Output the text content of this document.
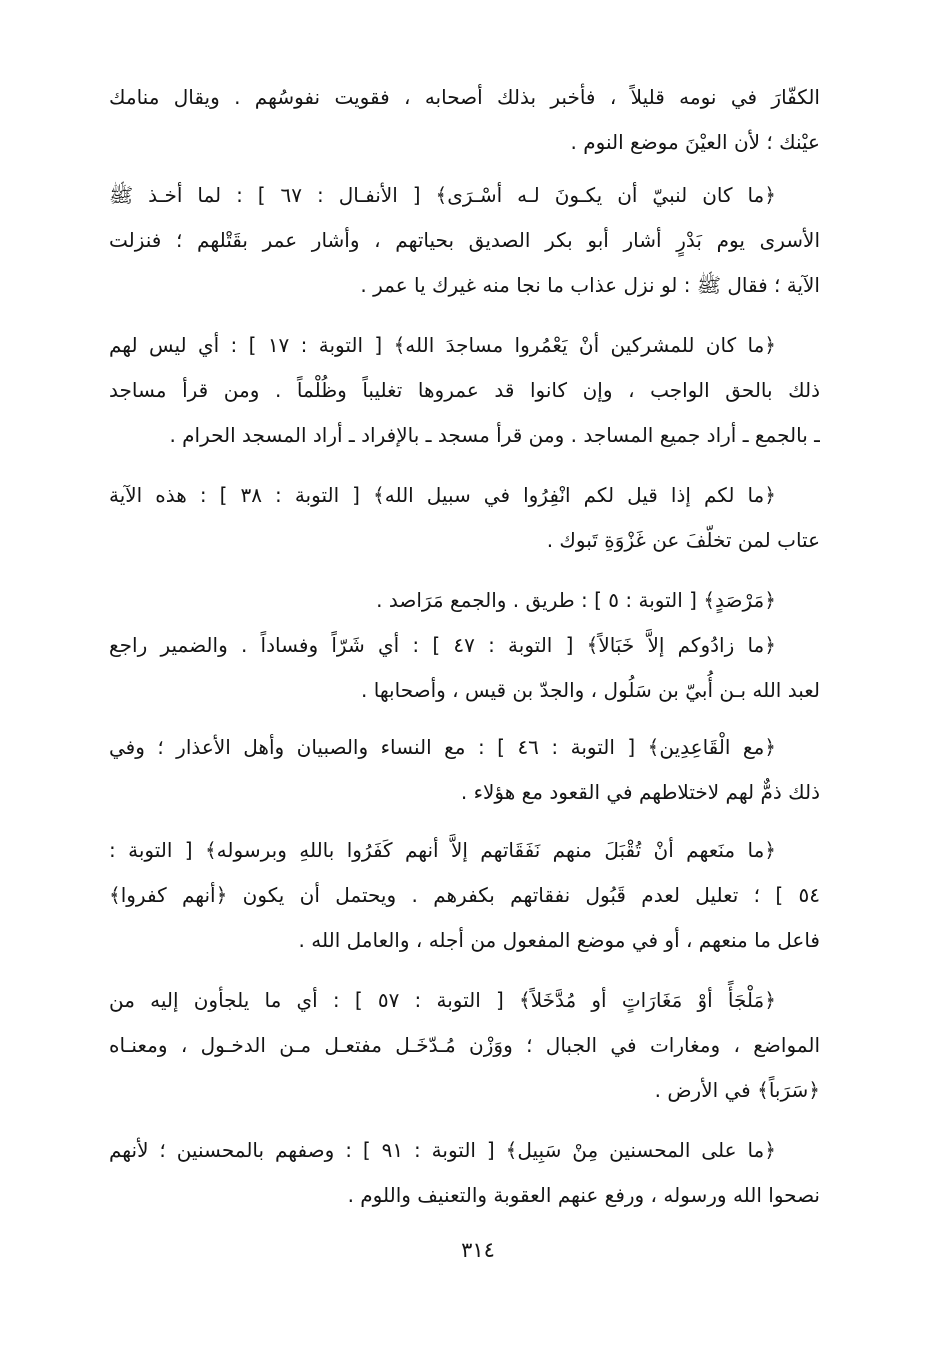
الكفّارَ في نومه قليلاً ، فأخبر بذلك أصحابه ، فقويت نفوسُهم . ويقال منامك
عيْنك ؛ لأن العيْنَ موضع النوم .
﴿ما كان لنبيّ أن يكـونَ لـه أسْـرَى﴾ [ الأنفـال : ٦٧ ] : لما أخـذ ﷺ
الأسرى يوم بَدْرٍ أشار أبو بكر الصديق بحياتهم ، وأشار عمر بقَتْلهم ؛ فنزلت
الآية ؛ فقال ﷺ : لو نزل عذاب ما نجا منه غيرك يا عمر .
﴿ما كان للمشركين أنْ يَعْمُروا مساجدَ الله﴾ [ التوبة : ١٧ ] : أي ليس لهم
ذلك بالحق الواجب ، وإن كانوا قد عمروها تغليباً وظُلْماً . ومن قرأ مساجد
ـ بالجمع ـ أراد جميع المساجد . ومن قرأ مسجد ـ بالإفراد ـ أراد المسجد الحرام .
﴿ما لكم إذا قيل لكم انْفِرُوا في سبيل الله﴾ [ التوبة : ٣٨ ] : هذه الآية
عتاب لمن تخلّفَ عن غَزْوَةِ تَبوك .
﴿مَرْصَدٍ﴾ [ التوبة : ٥ ] : طريق . والجمع مَرَاصد .
﴿ما زادُوكم إلاَّ خَبَالاً﴾ [ التوبة : ٤٧ ] : أي شَرّاً وفساداً . والضمير راجع
لعبد الله بـن أُبيّ بن سَلُول ، والجدّ بن قيس ، وأصحابها .
﴿مع الْقَاعِدِين﴾ [ التوبة : ٤٦ ] : مع النساء والصبيان وأهل الأعذار ؛ وفي
ذلك ذمٌّ لهم لاختلاطهم في القعود مع هؤلاء .
﴿ما منَعهم أنْ تُقْبَلَ منهم نَفَقَاتهم إلاَّ أنهم كَفَرُوا باللهِ وبرسوله﴾ [ التوبة :
٥٤ ] ؛ تعليل لعدم قَبُول نفقاتهم بكفرهم . ويحتمل أن يكون ﴿أنهم كفروا﴾
فاعل ما منعهم ، أو في موضع المفعول من أجله ، والعامل الله .
﴿مَلْجَأً أوْ مَغَارَاتٍ أو مُدَّخَلاً﴾ [ التوبة : ٥٧ ] : أي ما يلجأون إليه من
المواضع ، ومغارات في الجبال ؛ ووَزْن مُـدّخَـل مفتعـل مـن الدخـول ، ومعنـاه
﴿سَرَباً﴾ في الأرض .
﴿ما على المحسنين مِنْ سَبِيل﴾ [ التوبة : ٩١ ] : وصفهم بالمحسنين ؛ لأنهم
نصحوا الله ورسوله ، ورفع عنهم العقوبة والتعنيف واللوم .
٣١٤
